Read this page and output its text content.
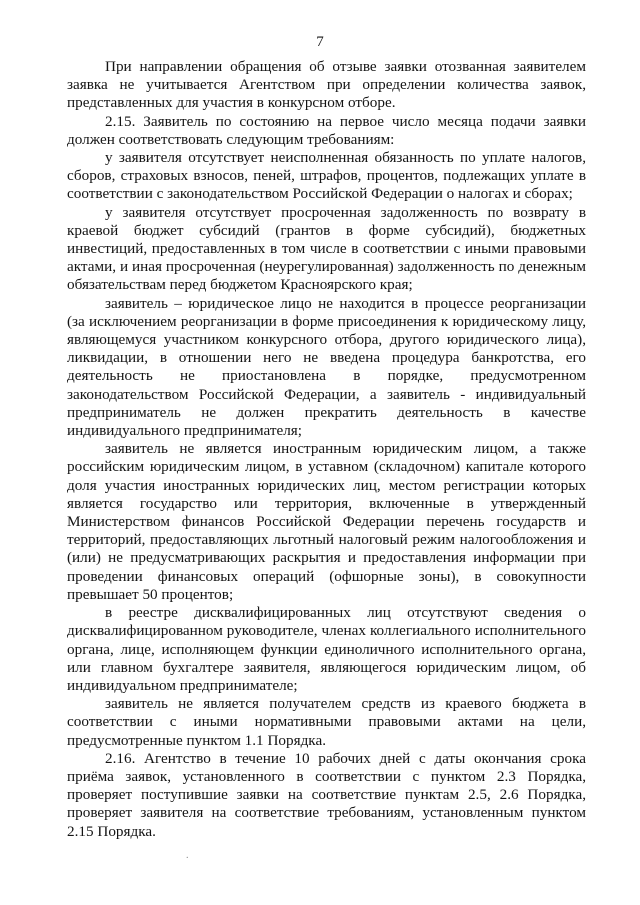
7

При направлении обращения об отзыве заявки отозванная заявителем заявка не учитывается Агентством при определении количества заявок, представленных для участия в конкурсном отборе.

2.15. Заявитель по состоянию на первое число месяца подачи заявки должен соответствовать следующим требованиям:

у заявителя отсутствует неисполненная обязанность по уплате налогов, сборов, страховых взносов, пеней, штрафов, процентов, подлежащих уплате в соответствии с законодательством Российской Федерации о налогах и сборах;

у заявителя отсутствует просроченная задолженность по возврату в краевой бюджет субсидий (грантов в форме субсидий), бюджетных инвестиций, предоставленных в том числе в соответствии с иными правовыми актами, и иная просроченная (неурегулированная) задолженность по денежным обязательствам перед бюджетом Красноярского края;

заявитель – юридическое лицо не находится в процессе реорганизации (за исключением реорганизации в форме присоединения к юридическому лицу, являющемуся участником конкурсного отбора, другого юридического лица), ликвидации, в отношении него не введена процедура банкротства, его деятельность не приостановлена в порядке, предусмотренном законодательством Российской Федерации, а заявитель - индивидуальный предприниматель не должен прекратить деятельность в качестве индивидуального предпринимателя;

заявитель не является иностранным юридическим лицом, а также российским юридическим лицом, в уставном (складочном) капитале которого доля участия иностранных юридических лиц, местом регистрации которых является государство или территория, включенные в утвержденный Министерством финансов Российской Федерации перечень государств и территорий, предоставляющих льготный налоговый режим налогообложения и (или) не предусматривающих раскрытия и предоставления информации при проведении финансовых операций (офшорные зоны), в совокупности превышает 50 процентов;

в реестре дисквалифицированных лиц отсутствуют сведения о дисквалифицированном руководителе, членах коллегиального исполнительного органа, лице, исполняющем функции единоличного исполнительного органа, или главном бухгалтере заявителя, являющегося юридическим лицом, об индивидуальном предпринимателе;

заявитель не является получателем средств из краевого бюджета в соответствии с иными нормативными правовыми актами на цели, предусмотренные пунктом 1.1 Порядка.

2.16. Агентство в течение 10 рабочих дней с даты окончания срока приёма заявок, установленного в соответствии с пунктом 2.3 Порядка, проверяет поступившие заявки на соответствие пунктам 2.5, 2.6 Порядка, проверяет заявителя на соответствие требованиям, установленным пунктом 2.15 Порядка.

.
